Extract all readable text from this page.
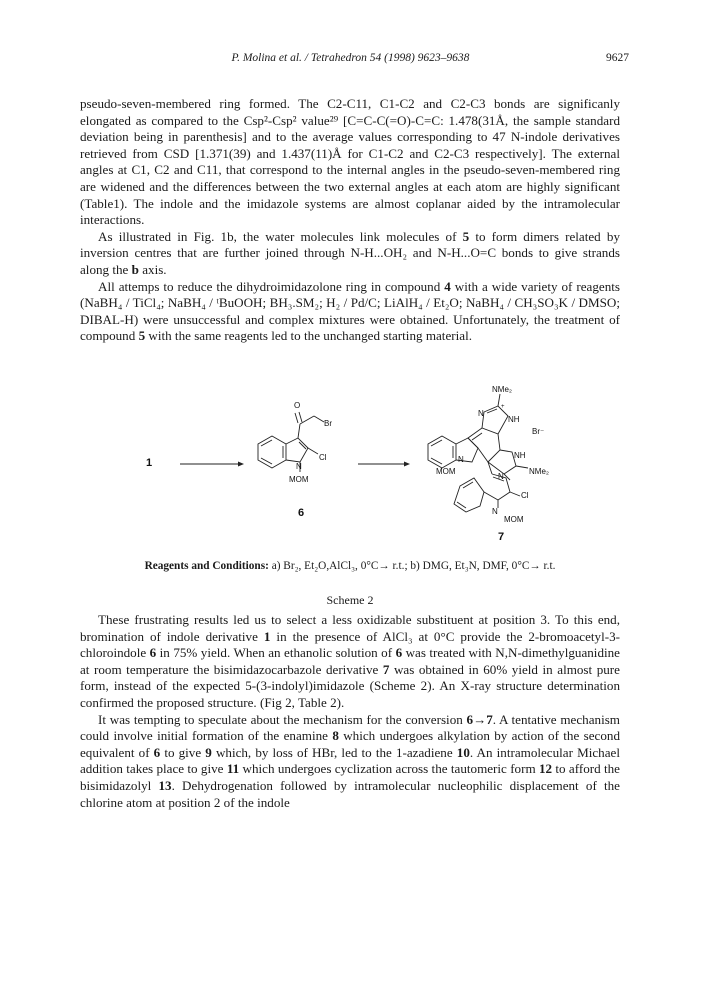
P. Molina et al. / Tetrahedron 54 (1998) 9623–9638	9627

pseudo-seven-membered ring formed. The C2-C11, C1-C2 and C2-C3 bonds are significanly elongated as compared to the Csp²-Csp² value²⁹ [C=C-C(=O)-C=C: 1.478(31Å, the sample standard deviation being in parenthesis] and to the average values corresponding to 47 N-indole derivatives retrieved from CSD [1.371(39) and 1.437(11)Å for C1-C2 and C2-C3 respectively]. The external angles at C1, C2 and C11, that correspond to the internal angles in the pseudo-seven-membered ring are widened and the differences between the two external angles at each atom are highly significant (Table1). The indole and the imidazole systems are almost coplanar aided by the intramolecular interactions.

As illustrated in Fig. 1b, the water molecules link molecules of 5 to form dimers related by inversion centres that are further joined through N-H...OH₂ and N-H...O=C bonds to give strands along the b axis.

All attemps to reduce the dihydroimidazolone ring in compound 4 with a wide variety of reagents (NaBH₄ / TiCl₄; NaBH₄ / ᵗBuOOH; BH₃.SM₂; H₂ / Pd/C; LiAlH₄ / Et₂O; NaBH₄ / CH₃SO₃K / DMSO; DIBAL-H) were unsuccessful and complex mixtures were obtained. Unfortunately, the treatment of compound 5 with the same reagents led to the unchanged starting material.

1
O
Br
Cl
N
MOM
6
NMe₂
N
+
NH
Br⁻
NH
N
NMe₂
N
MOM
Cl
N
MOM
7
Reagents and Conditions: a) Br₂, Et₂O,AlCl₃, 0°C→ r.t.; b) DMG, Et₃N, DMF, 0°C→ r.t.
Scheme 2

These frustrating results led us to select a less oxidizable substituent at position 3. To this end, bromination of indole derivative 1 in the presence of AlCl₃ at 0°C provide the 2-bromoacetyl-3-chloroindole 6 in 75% yield. When an ethanolic solution of 6 was treated with N,N-dimethylguanidine at room temperature the bisimidazocarbazole derivative 7 was obtained in 60% yield in almost pure form, instead of the expected 5-(3-indolyl)imidazole (Scheme 2). An X-ray structure determination confirmed the proposed structure. (Fig 2, Table 2).

It was tempting to speculate about the mechanism for the conversion 6→7. A tentative mechanism could involve initial formation of the enamine 8 which undergoes alkylation by action of the second equivalent of 6 to give 9 which, by loss of HBr, led to the 1-azadiene 10. An intramolecular Michael addition takes place to give 11 which undergoes cyclization across the tautomeric form 12 to afford the bisimidazolyl 13. Dehydrogenation followed by intramolecular nucleophilic displacement of the chlorine atom at position 2 of the indole
